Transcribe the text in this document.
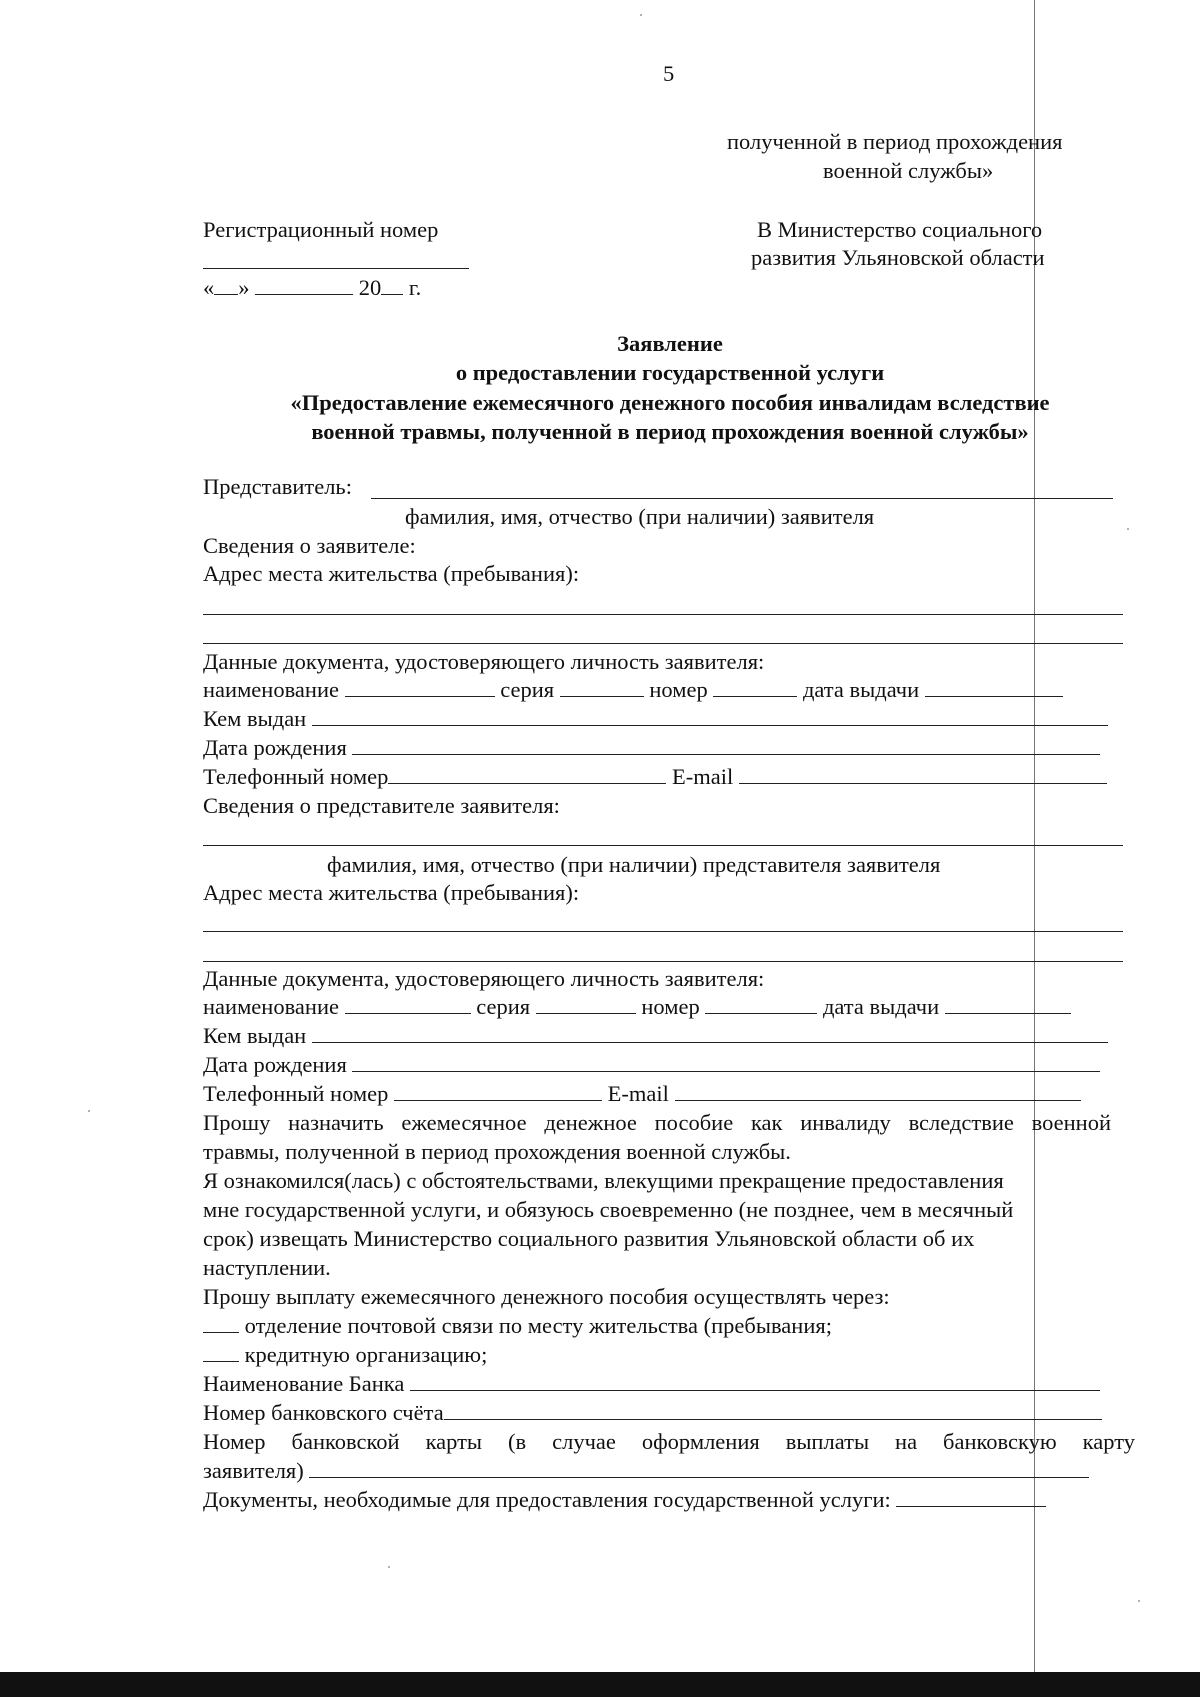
5
полученной в период прохождения
военной службы»
Регистрационный номер
« »	20 г.
В Министерство социального
развития Ульяновской области
Заявление
о предоставлении государственной услуги
«Предоставление ежемесячного денежного пособия инвалидам вследствие
военной травмы, полученной в период прохождения военной службы»
Представитель:
фамилия, имя, отчество (при наличии) заявителя
Сведения о заявителе:
Адрес места жительства (пребывания):
Данные документа, удостоверяющего личность заявителя:
наименование	серия	номер	дата выдачи
Кем выдан
Дата рождения
Телефонный номер	E-mail
Сведения о представителе заявителя:
фамилия, имя, отчество (при наличии) представителя заявителя
Адрес места жительства (пребывания):
Данные документа, удостоверяющего личность заявителя:
наименование	серия	номер	дата выдачи
Кем выдан
Дата рождения
Телефонный номер	E-mail
Прошу назначить ежемесячное денежное пособие как инвалиду вследствие военной
травмы, полученной в период прохождения военной службы.
Я ознакомился(лась) с обстоятельствами, влекущими прекращение предоставления
мне государственной услуги, и обязуюсь своевременно (не позднее, чем в месячный
срок) извещать Министерство социального развития Ульяновской области об их
наступлении.
Прошу выплату ежемесячного денежного пособия осуществлять через:
отделение почтовой связи по месту жительства (пребывания;
кредитную организацию;
Наименование Банка
Номер банковского счёта
Номер банковской карты (в случае оформления выплаты на банковскую карту
заявителя)
Документы, необходимые для предоставления государственной услуги:
